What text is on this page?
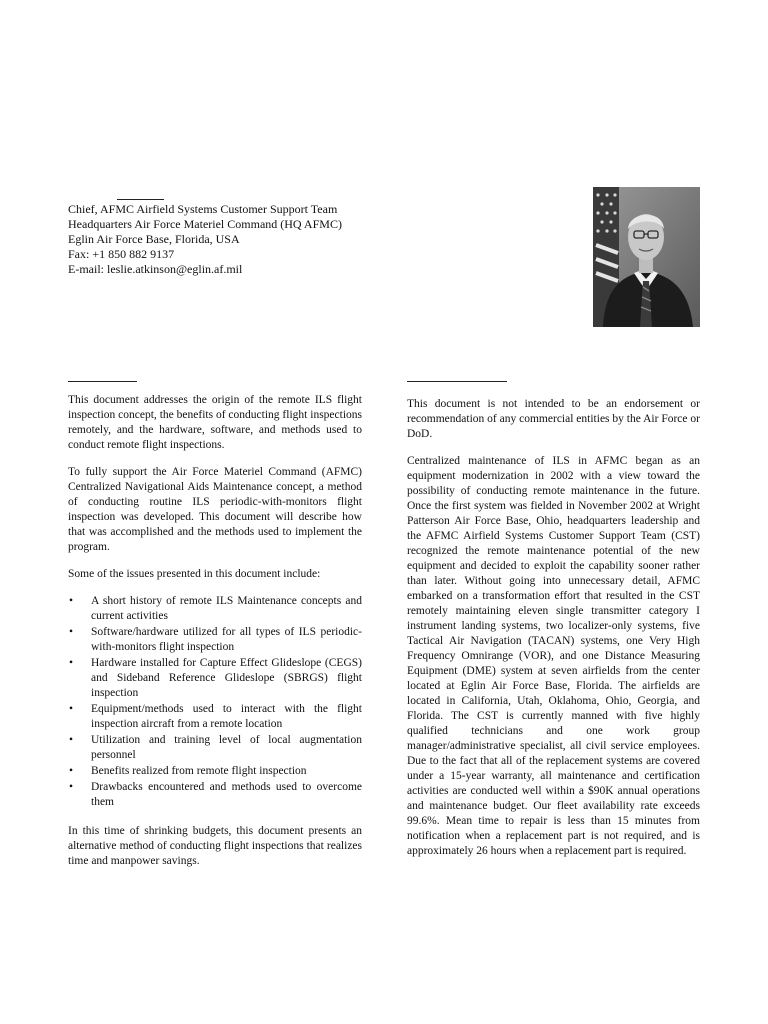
Chief, AFMC Airfield Systems Customer Support Team
Headquarters Air Force Materiel Command (HQ AFMC)
Eglin Air Force Base, Florida, USA
Fax: +1 850 882 9137
E-mail: leslie.atkinson@eglin.af.mil

This document addresses the origin of the remote ILS flight inspection concept, the benefits of conducting flight inspections remotely, and the hardware, software, and methods used to conduct remote flight inspections.

To fully support the Air Force Materiel Command (AFMC) Centralized Navigational Aids Maintenance concept, a method of conducting routine ILS periodic-with-monitors flight inspection was developed. This document will describe how that was accomplished and the methods used to implement the program.

Some of the issues presented in this document include:

• A short history of remote ILS Maintenance concepts and current activities
• Software/hardware utilized for all types of ILS periodic-with-monitors flight inspection
• Hardware installed for Capture Effect Glideslope (CEGS) and Sideband Reference Glideslope (SBRGS) flight inspection
• Equipment/methods used to interact with the flight inspection aircraft from a remote location
• Utilization and training level of local augmentation personnel
• Benefits realized from remote flight inspection
• Drawbacks encountered and methods used to overcome them

In this time of shrinking budgets, this document presents an alternative method of conducting flight inspections that realizes time and manpower savings.

This document is not intended to be an endorsement or recommendation of any commercial entities by the Air Force or DoD.

Centralized maintenance of ILS in AFMC began as an equipment modernization in 2002 with a view toward the possibility of conducting remote maintenance in the future. Once the first system was fielded in November 2002 at Wright Patterson Air Force Base, Ohio, headquarters leadership and the AFMC Airfield Systems Customer Support Team (CST) recognized the remote maintenance potential of the new equipment and decided to exploit the capability sooner rather than later. Without going into unnecessary detail, AFMC embarked on a transformation effort that resulted in the CST remotely maintaining eleven single transmitter category I instrument landing systems, two localizer-only systems, five Tactical Air Navigation (TACAN) systems, one Very High Frequency Omnirange (VOR), and one Distance Measuring Equipment (DME) system at seven airfields from the center located at Eglin Air Force Base, Florida. The airfields are located in California, Utah, Oklahoma, Ohio, Georgia, and Florida. The CST is currently manned with five highly qualified technicians and one work group manager/administrative specialist, all civil service employees. Due to the fact that all of the replacement systems are covered under a 15-year warranty, all maintenance and certification activities are conducted well within a $90K annual operations and maintenance budget. Our fleet availability rate exceeds 99.6%. Mean time to repair is less than 15 minutes from notification when a replacement part is not required, and is approximately 26 hours when a replacement part is required.
